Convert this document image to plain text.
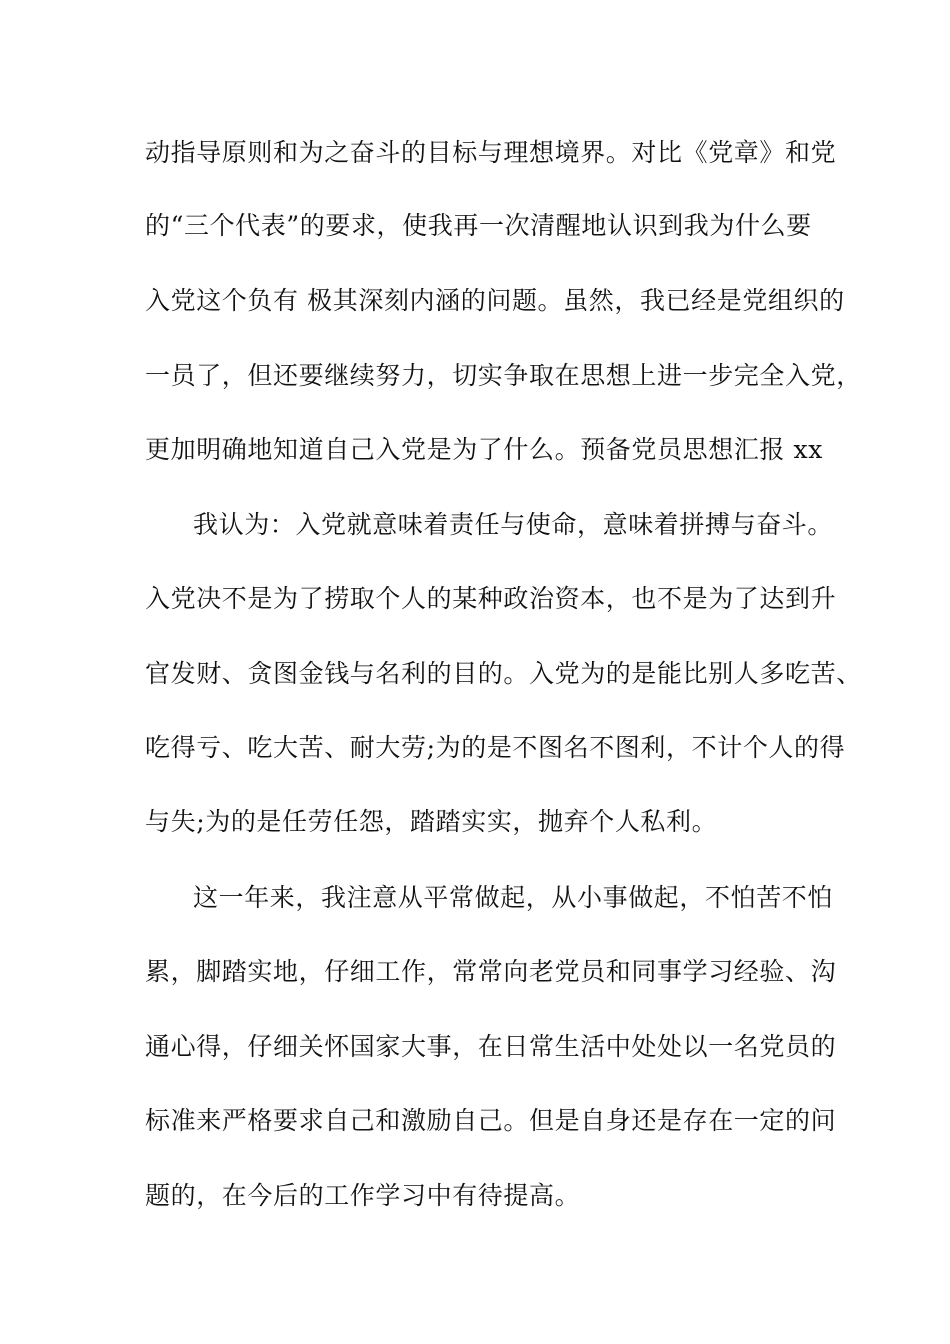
动指导原则和为之奋斗的目标与理想境界。对比《党章》和党
的“三个代表”的要求，使我再一次清醒地认识到我为什么要
入党这个负有 极其深刻内涵的问题。虽然，我已经是党组织的
一员了，但还要继续努力，切实争取在思想上进一步完全入党，
更加明确地知道自己入党是为了什么。预备党员思想汇报 xx
我认为：入党就意味着责任与使命，意味着拼搏与奋斗。
入党决不是为了捞取个人的某种政治资本，也不是为了达到升
官发财、贪图金钱与名利的目的。入党为的是能比别人多吃苦、
吃得亏、吃大苦、耐大劳;为的是不图名不图利，不计个人的得
与失;为的是任劳任怨，踏踏实实，抛弃个人私利。
这一年来，我注意从平常做起，从小事做起，不怕苦不怕
累，脚踏实地，仔细工作，常常向老党员和同事学习经验、沟
通心得，仔细关怀国家大事，在日常生活中处处以一名党员的
标准来严格要求自己和激励自己。但是自身还是存在一定的问
题的，在今后的工作学习中有待提高。
